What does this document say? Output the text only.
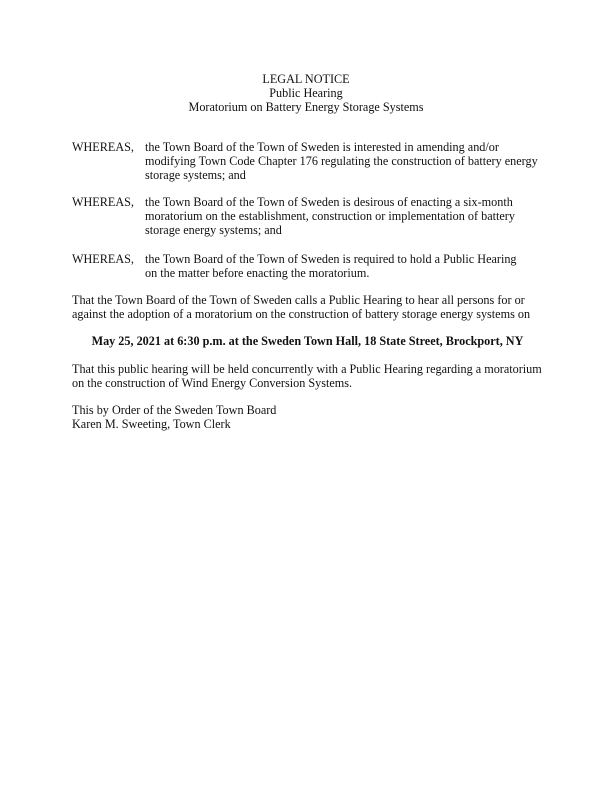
LEGAL NOTICE
Public Hearing
Moratorium on Battery Energy Storage Systems
WHEREAS, the Town Board of the Town of Sweden is interested in amending and/or
modifying Town Code Chapter 176 regulating the construction of battery energy
storage systems; and
WHEREAS, the Town Board of the Town of Sweden is desirous of enacting a six-month
moratorium on the establishment, construction or implementation of battery
storage energy systems; and
WHEREAS, the Town Board of the Town of Sweden is required to hold a Public Hearing
on the matter before enacting the moratorium.
That the Town Board of the Town of Sweden calls a Public Hearing to hear all persons for or
against the adoption of a moratorium on the construction of battery storage energy systems on
May 25, 2021 at 6:30 p.m. at the Sweden Town Hall, 18 State Street, Brockport, NY
That this public hearing will be held concurrently with a Public Hearing regarding a moratorium
on the construction of Wind Energy Conversion Systems.
This by Order of the Sweden Town Board
Karen M. Sweeting, Town Clerk
